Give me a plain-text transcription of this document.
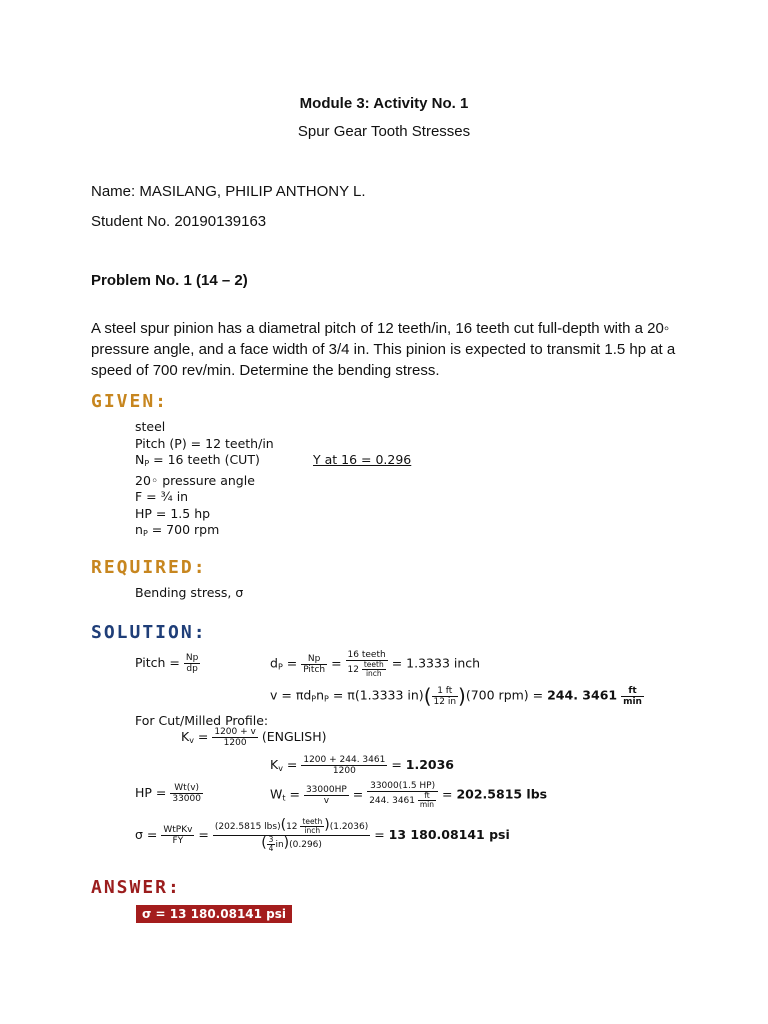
Module 3: Activity No. 1
Spur Gear Tooth Stresses
Name: MASILANG, PHILIP ANTHONY L.
Student No. 20190139163
Problem No. 1 (14 – 2)
A steel spur pinion has a diametral pitch of 12 teeth/in, 16 teeth cut full-depth with a 20◦ pressure angle, and a face width of 3/4 in. This pinion is expected to transmit 1.5 hp at a speed of 700 rev/min. Determine the bending stress.
GIVEN:
steel
Pitch (P) = 12 teeth/in
$N_P = 16$ teeth (CUT)
20◦ pressure angle
F = ¾ in
HP = 1.5 hp
$n_P = 700$ rpm
Y at 16 = 0.296
REQUIRED:
Bending stress, σ
SOLUTION:
Pitch = $\frac{Np}{dp}$	$d_P = \frac{Np}{\text{Pitch}} = \frac{\text{16 teeth}}{12 \frac{\text{teeth}}{\text{inch}}} = 1.3333$ inch
$v = \pi d_Pn_P = \pi(1.3333$ $in)( \frac{1 ft}{12 in} )(700$ rpm) = 244. $3461 \frac{ft}{\min}$
For Cut/Milled Profile:
$K_v = \frac{1200 + v}{1200}$ (ENGLISH)
$K_v = \frac{1200 + 244. 3461}{1200} = 1.2036$
HP = $\frac{Wt(v)}{33000}$	$W_t = \frac{33000HP}{v} = \frac{33000(1.5 HP)}{244. 3461 \frac{ft}{\min}} = 202.5815$ lbs
$\sigma = \frac{\text{WtPKv}}{FY} = \frac{(202.5815 lbs)(12 \frac{\text{teeth}}{\text{inch}} )(1.2036)}{( \frac{3}{4} in)(0.296)} = 13$ 180.08141 psi
ANSWER:
σ = 13 180.08141 psi
